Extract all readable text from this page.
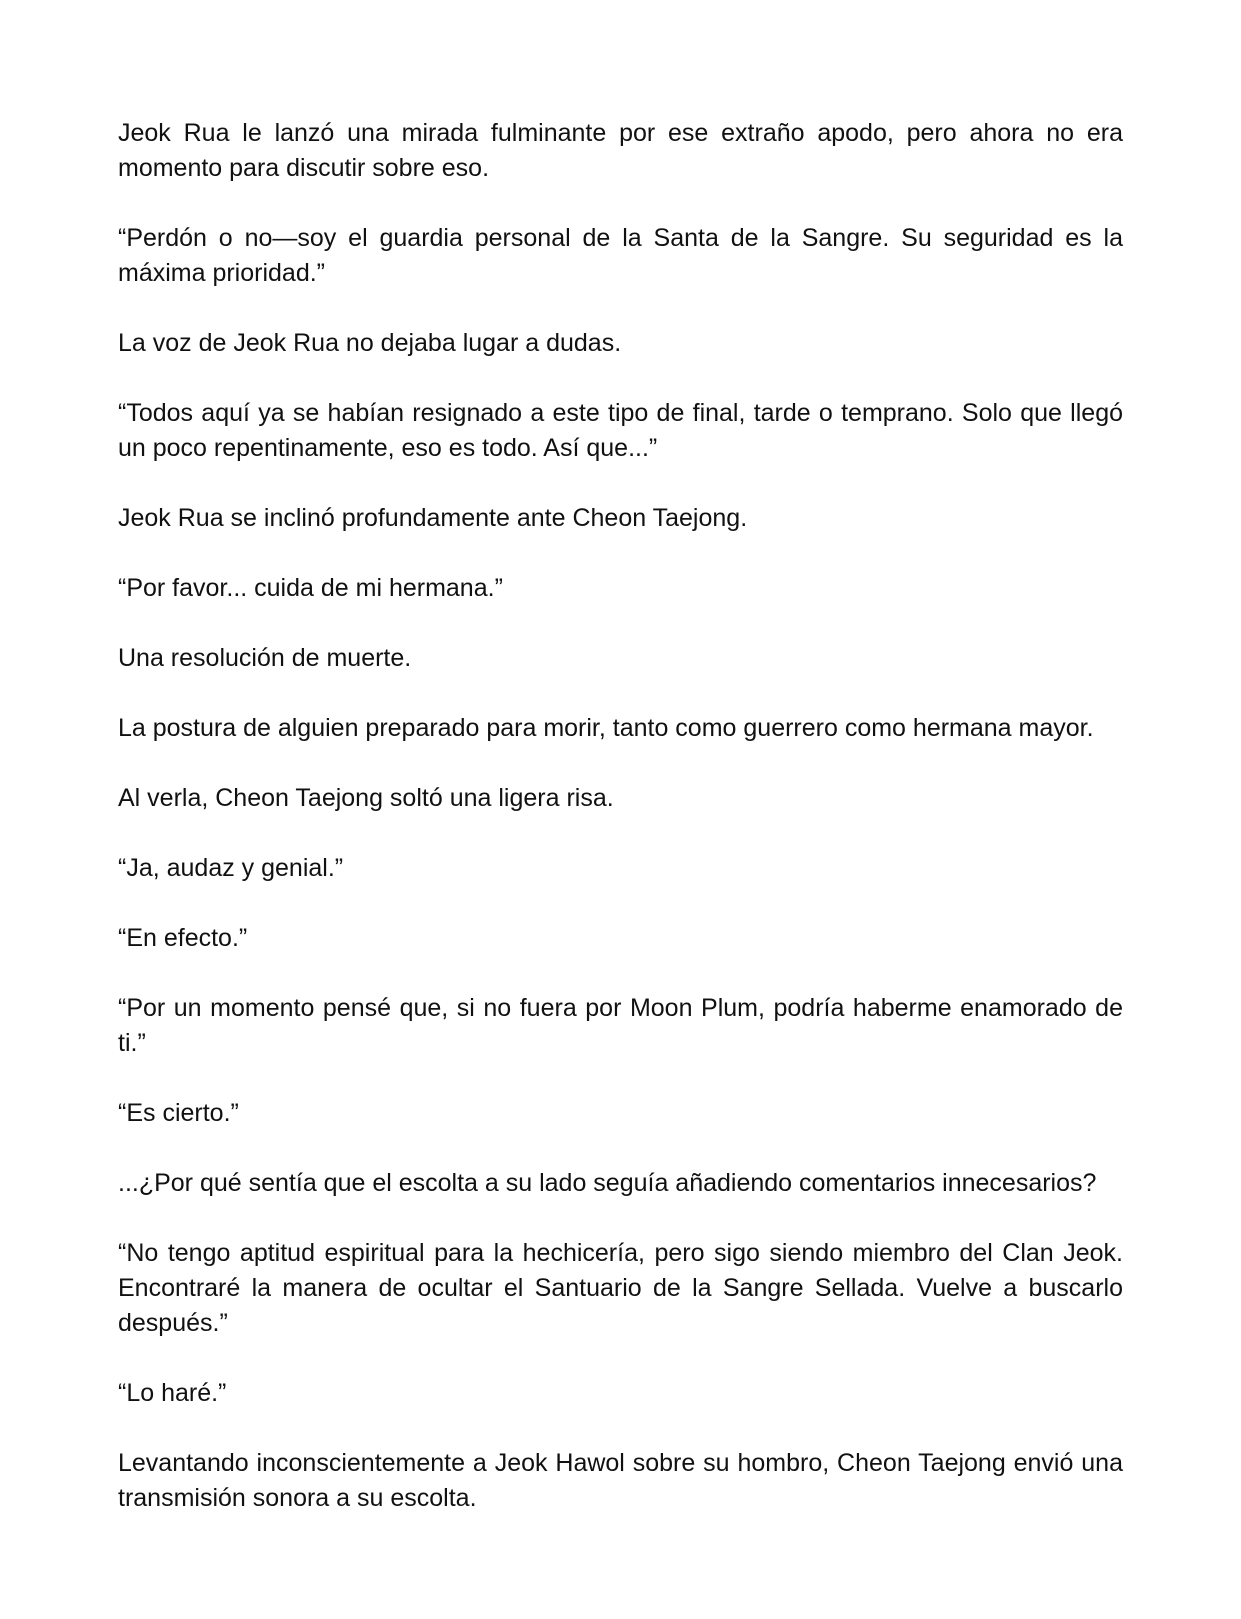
Jeok Rua le lanzó una mirada fulminante por ese extraño apodo, pero ahora no era momento para discutir sobre eso.

“Perdón o no—soy el guardia personal de la Santa de la Sangre. Su seguridad es la máxima prioridad.”

La voz de Jeok Rua no dejaba lugar a dudas.

“Todos aquí ya se habían resignado a este tipo de final, tarde o temprano. Solo que llegó un poco repentinamente, eso es todo. Así que...”

Jeok Rua se inclinó profundamente ante Cheon Taejong.

“Por favor... cuida de mi hermana.”

Una resolución de muerte.

La postura de alguien preparado para morir, tanto como guerrero como hermana mayor.

Al verla, Cheon Taejong soltó una ligera risa.

“Ja, audaz y genial.”

“En efecto.”

“Por un momento pensé que, si no fuera por Moon Plum, podría haberme enamorado de ti.”

“Es cierto.”

...¿Por qué sentía que el escolta a su lado seguía añadiendo comentarios innecesarios?

“No tengo aptitud espiritual para la hechicería, pero sigo siendo miembro del Clan Jeok. Encontraré la manera de ocultar el Santuario de la Sangre Sellada. Vuelve a buscarlo después.”

“Lo haré.”

Levantando inconscientemente a Jeok Hawol sobre su hombro, Cheon Taejong envió una transmisión sonora a su escolta.
